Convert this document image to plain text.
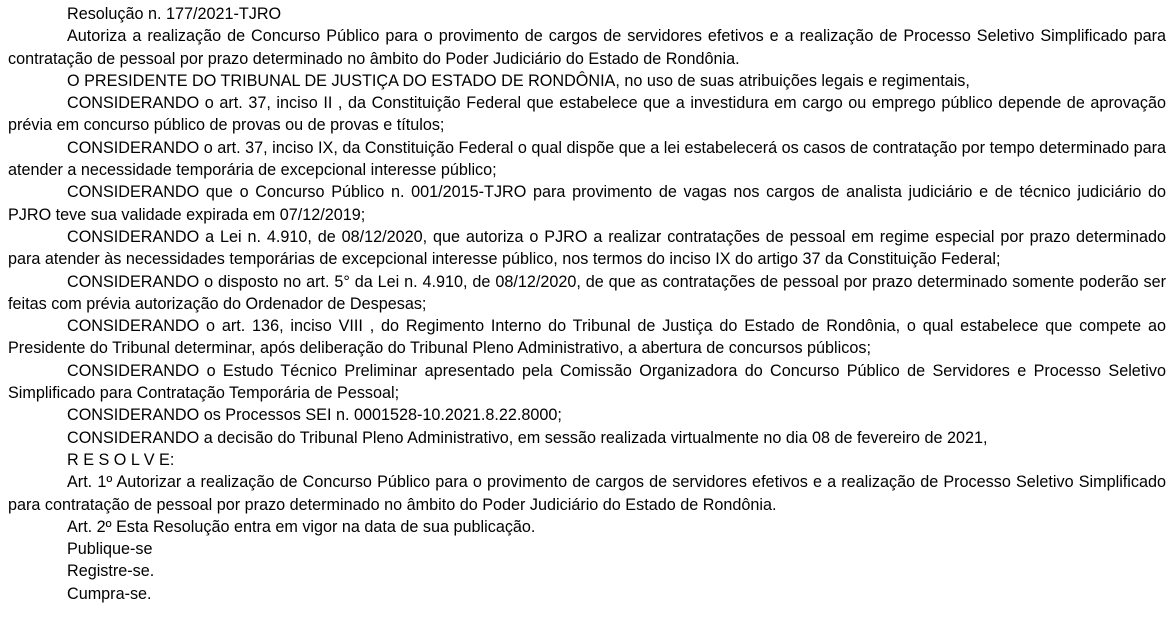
Resolução n. 177/2021-TJRO

Autoriza a realização de Concurso Público para o provimento de cargos de servidores efetivos e a realização de Processo Seletivo Simplificado para contratação de pessoal por prazo determinado no âmbito do Poder Judiciário do Estado de Rondônia.

O PRESIDENTE DO TRIBUNAL DE JUSTIÇA DO ESTADO DE RONDÔNIA, no uso de suas atribuições legais e regimentais,

CONSIDERANDO o art. 37, inciso II , da Constituição Federal que estabelece que a investidura em cargo ou emprego público depende de aprovação prévia em concurso público de provas ou de provas e títulos;

CONSIDERANDO o art. 37, inciso IX, da Constituição Federal o qual dispõe que a lei estabelecerá os casos de contratação por tempo determinado para atender a necessidade temporária de excepcional interesse público;

CONSIDERANDO que o Concurso Público n. 001/2015-TJRO para provimento de vagas nos cargos de analista judiciário e de técnico judiciário do PJRO teve sua validade expirada em 07/12/2019;

CONSIDERANDO a Lei n. 4.910, de 08/12/2020, que autoriza o PJRO a realizar contratações de pessoal em regime especial por prazo determinado para atender às necessidades temporárias de excepcional interesse público, nos termos do inciso IX do artigo 37 da Constituição Federal;

CONSIDERANDO o disposto no art. 5° da Lei n. 4.910, de 08/12/2020, de que as contratações de pessoal por prazo determinado somente poderão ser feitas com prévia autorização do Ordenador de Despesas;

CONSIDERANDO o art. 136, inciso VIII , do Regimento Interno do Tribunal de Justiça do Estado de Rondônia, o qual estabelece que compete ao Presidente do Tribunal determinar, após deliberação do Tribunal Pleno Administrativo, a abertura de concursos públicos;

CONSIDERANDO o Estudo Técnico Preliminar apresentado pela Comissão Organizadora do Concurso Público de Servidores e Processo Seletivo Simplificado para Contratação Temporária de Pessoal;

CONSIDERANDO os Processos SEI n. 0001528-10.2021.8.22.8000;

CONSIDERANDO a decisão do Tribunal Pleno Administrativo, em sessão realizada virtualmente no dia 08 de fevereiro de 2021,

R E S O L V E:

Art. 1º Autorizar a realização de Concurso Público para o provimento de cargos de servidores efetivos e a realização de Processo Seletivo Simplificado para contratação de pessoal por prazo determinado no âmbito do Poder Judiciário do Estado de Rondônia.

Art. 2º Esta Resolução entra em vigor na data de sua publicação.

Publique-se

Registre-se.

Cumpra-se.
